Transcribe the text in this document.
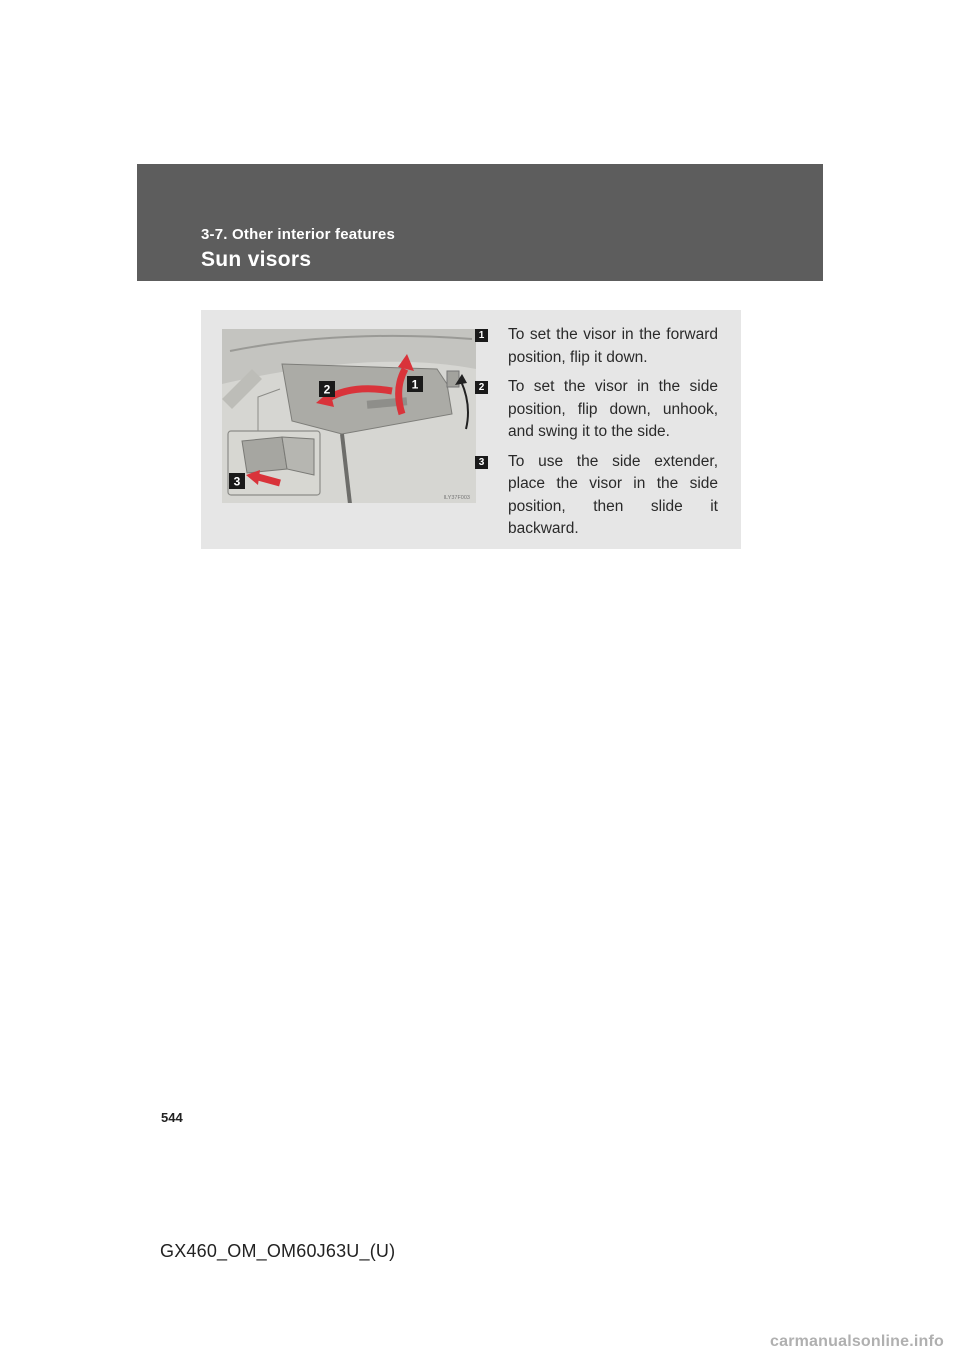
3-7. Other interior features
Sun visors
2	1
3
ILY37F003
1 To set the visor in the forward position, flip it down.
2 To set the visor in the side position, flip down, unhook, and swing it to the side.
3 To use the side extender, place the visor in the side position, then slide it backward.
544
GX460_OM_OM60J63U_(U)
carmanualsonline.info
